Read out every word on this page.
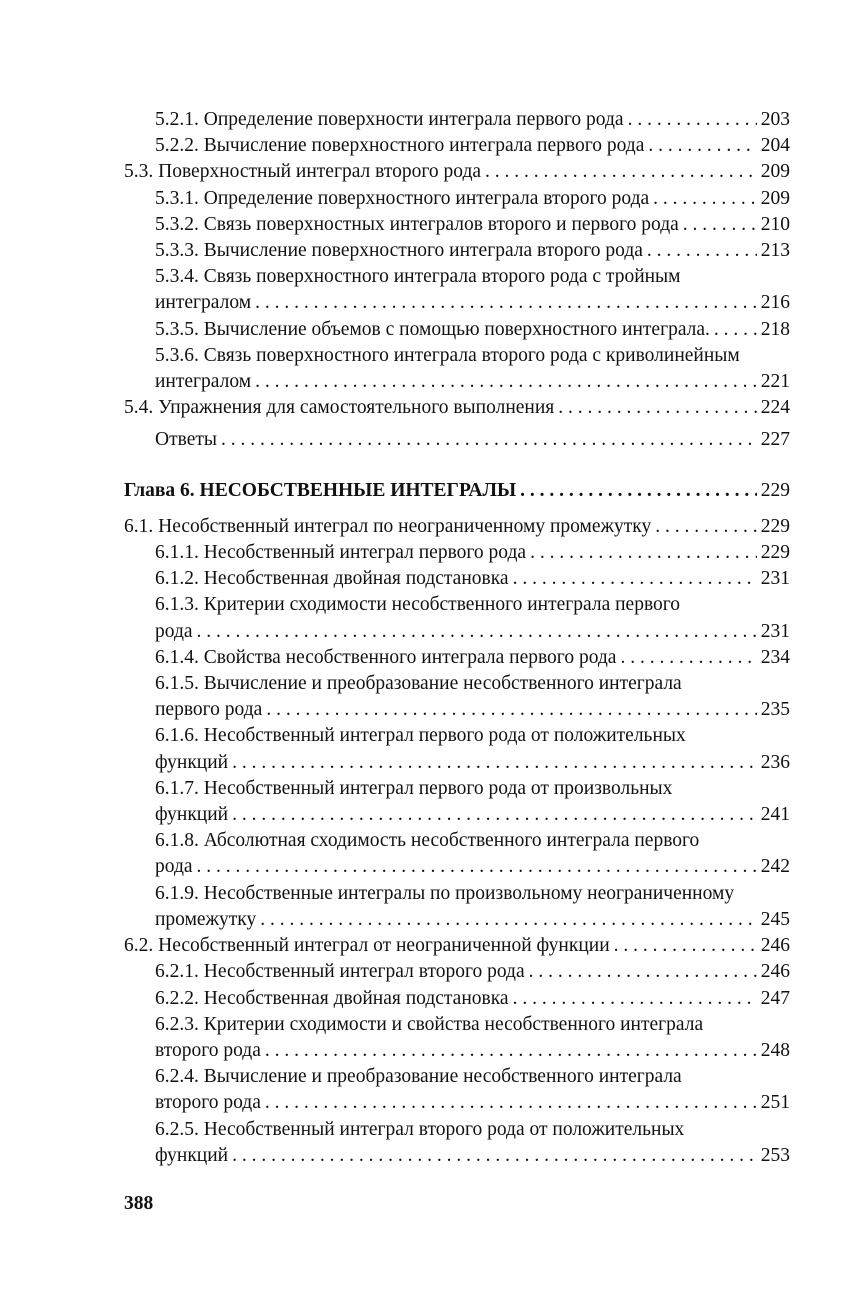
5.2.1. Определение поверхности интеграла первого рода . . .	203
5.2.2. Вычисление поверхностного интеграла первого рода . . .	204
5.3. Поверхностный интеграл второго рода . . .	209
5.3.1. Определение поверхностного интеграла второго рода . . .	209
5.3.2. Связь поверхностных интегралов второго и первого рода . . .	210
5.3.3. Вычисление поверхностного интеграла второго рода . . .	213
5.3.4. Связь поверхностного интеграла второго рода с тройным
интегралом . . .	216
5.3.5. Вычисление объемов с помощью поверхностного интеграла. . . .	218
5.3.6. Связь поверхностного интеграла второго рода с криволинейным
интегралом . . .	221
5.4. Упражнения для самостоятельного выполнения . . .	224
Ответы . . .	227
Глава 6. НЕСОБСТВЕННЫЕ ИНТЕГРАЛЫ . . .	229
6.1. Несобственный интеграл по неограниченному промежутку . . .	229
6.1.1. Несобственный интеграл первого рода . . .	229
6.1.2. Несобственная двойная подстановка . . .	231
6.1.3. Критерии сходимости несобственного интеграла первого
рода . . .	231
6.1.4. Свойства несобственного интеграла первого рода . . .	234
6.1.5. Вычисление и преобразование несобственного интеграла
первого рода . . .	235
6.1.6. Несобственный интеграл первого рода от положительных
функций . . .	236
6.1.7. Несобственный интеграл первого рода от произвольных
функций . . .	241
6.1.8. Абсолютная сходимость несобственного интеграла первого
рода . . .	242
6.1.9. Несобственные интегралы по произвольному неограниченному
промежутку . . .	245
6.2. Несобственный интеграл от неограниченной функции . . .	246
6.2.1. Несобственный интеграл второго рода . . .	246
6.2.2. Несобственная двойная подстановка . . .	247
6.2.3. Критерии сходимости и свойства несобственного интеграла
второго рода . . .	248
6.2.4. Вычисление и преобразование несобственного интеграла
второго рода . . .	251
6.2.5. Несобственный интеграл второго рода от положительных
функций . . .	253
388
